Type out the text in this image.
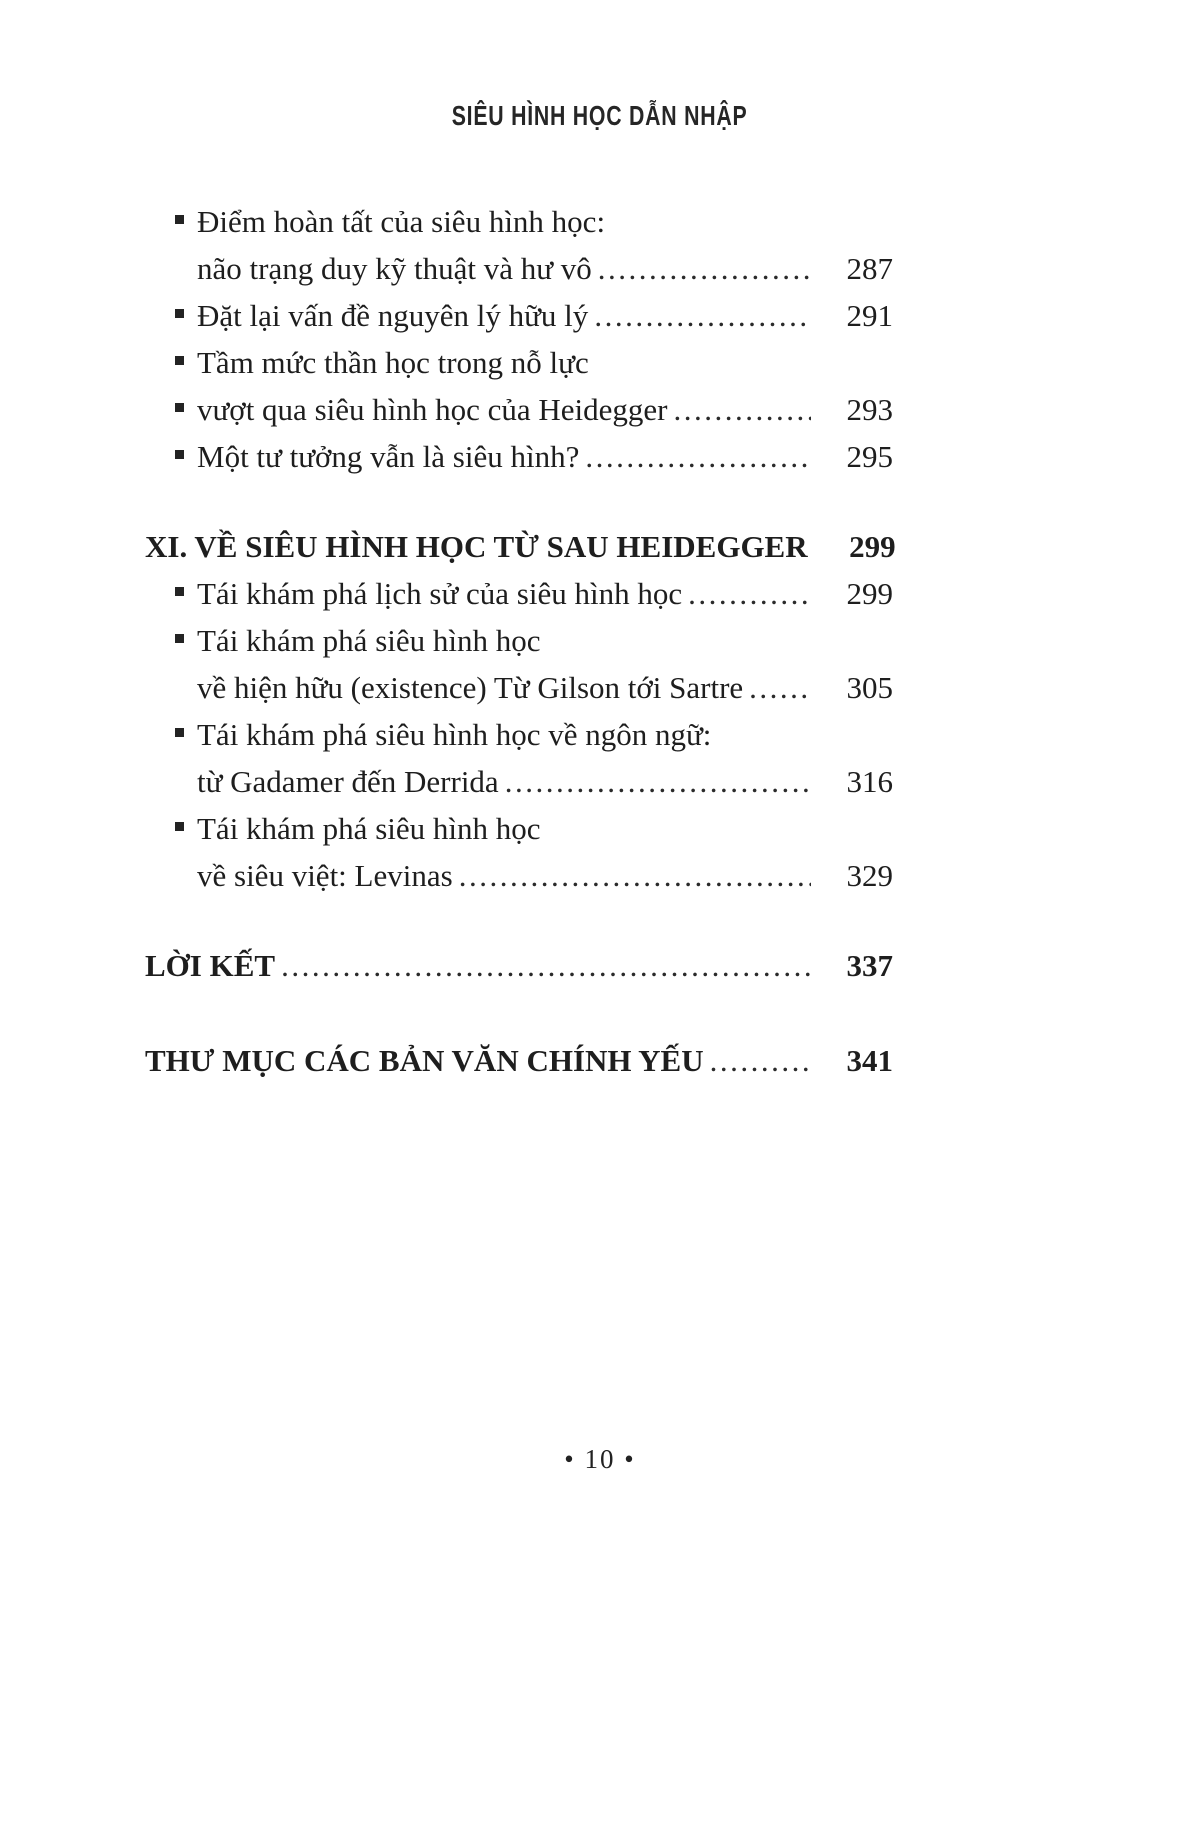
SIÊU HÌNH HỌC DẪN NHẬP
Điểm hoàn tất của siêu hình học:
não trạng duy kỹ thuật và hư vô .....	287
Đặt lại vấn đề nguyên lý hữu lý .....	291
Tầm mức thần học trong nỗ lực
vượt qua siêu hình học của Heidegger .....	293
Một tư tưởng vẫn là siêu hình? .....	295
XI. VỀ SIÊU HÌNH HỌC TỪ SAU HEIDEGGER	299
Tái khám phá lịch sử của siêu hình học .....	299
Tái khám phá siêu hình học
về hiện hữu (existence) Từ Gilson tới Sartre .....	305
Tái khám phá siêu hình học về ngôn ngữ:
từ Gadamer đến Derrida .....	316
Tái khám phá siêu hình học
về siêu việt: Levinas .....	329
LỜI KẾT .....	337
THƯ MỤC CÁC BẢN VĂN CHÍNH YẾU .....	341
• 10 •
